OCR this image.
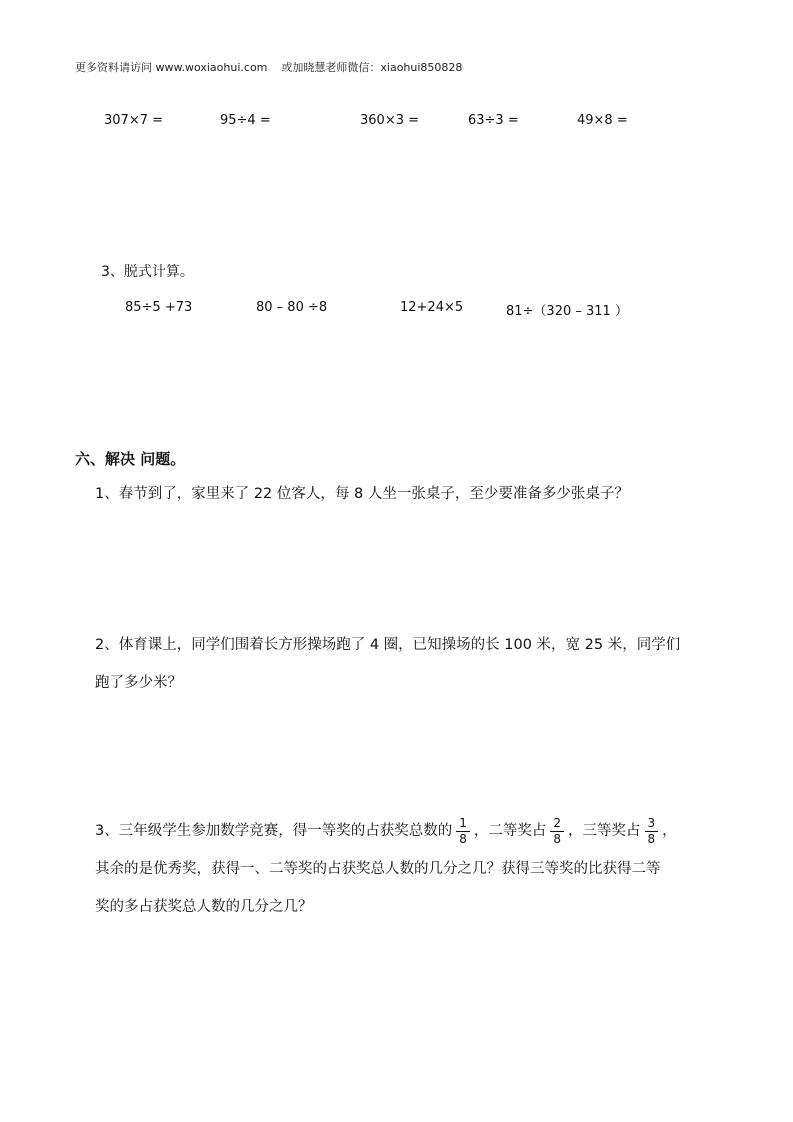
更多资料请访问 www.woxiaohui.com 或加晓慧老师微信：xiaohui850828
307×7 =	95÷4 =	360×3 =	63÷3 =	49×8 =
3、脱式计算。
85÷5 +73	80 – 80 ÷8	12+24×5	81÷（320 – 311 ）
六、解决 问题。
1、春节到了，家里来了 22 位客人，每 8 人坐一张桌子，至少要准备多少张桌子？
2、体育课上，同学们围着长方形操场跑了 4 圈，已知操场的长 100 米，宽 25 米，同学们
跑了多少米？
3、三年级学生参加数学竞赛，得一等奖的占获奖总数的 $\frac{1}{8}$ ，二等奖占 $\frac{2}{8}$ ，三等奖占 $\frac{3}{8}$ ，
其余的是优秀奖，获得一、二等奖的占获奖总人数的几分之几？获得三等奖的比获得二等
奖的多占获奖总人数的几分之几？
